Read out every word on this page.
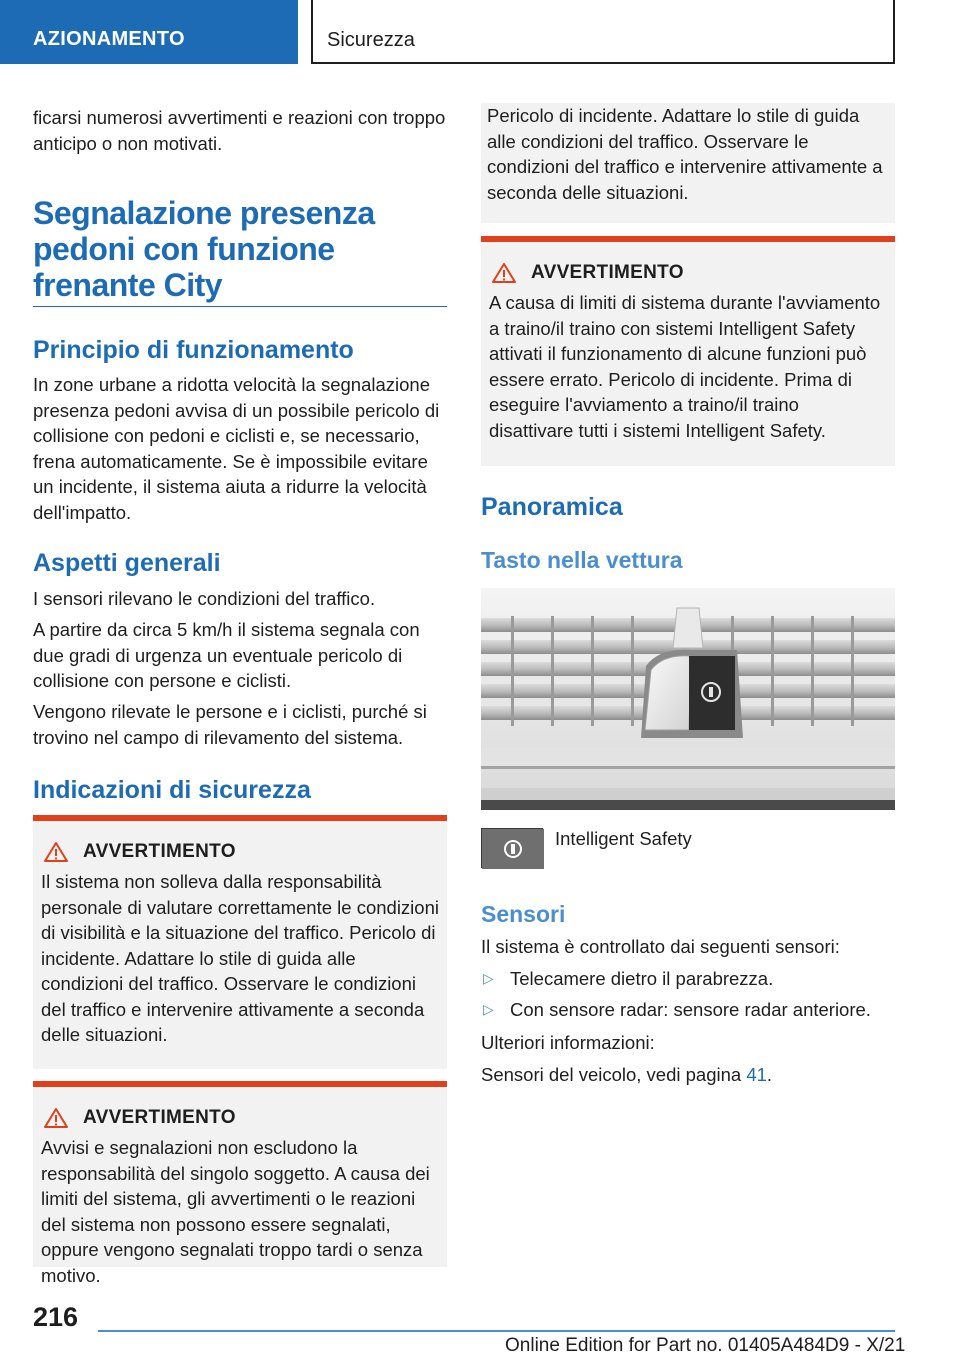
AZIONAMENTO	Sicurezza

ficarsi numerosi avvertimenti e reazioni con troppo anticipo o non motivati.

Segnalazione presenza pedoni con funzione frenante City
Principio di funzionamento

In zone urbane a ridotta velocità la segnalazione presenza pedoni avvisa di un possibile pericolo di collisione con pedoni e ciclisti e, se necessario, frena automaticamente. Se è impossibile evitare un incidente, il sistema aiuta a ridurre la velocità dell'impatto.

Aspetti generali

I sensori rilevano le condizioni del traffico.

A partire da circa 5 km/h il sistema segnala con due gradi di urgenza un eventuale pericolo di collisione con persone e ciclisti.

Vengono rilevate le persone e i ciclisti, purché si trovino nel campo di rilevamento del sistema.

Indicazioni di sicurezza
AVVERTIMENTO

Il sistema non solleva dalla responsabilità personale di valutare correttamente le condizioni di visibilità e la situazione del traffico. Pericolo di incidente. Adattare lo stile di guida alle condizioni del traffico. Osservare le condizioni del traffico e intervenire attivamente a seconda delle situazioni.

AVVERTIMENTO

Avvisi e segnalazioni non escludono la responsabilità del singolo soggetto. A causa dei limiti del sistema, gli avvertimenti o le reazioni del sistema non possono essere segnalati, oppure vengono segnalati troppo tardi o senza motivo.

Pericolo di incidente. Adattare lo stile di guida alle condizioni del traffico. Osservare le condizioni del traffico e intervenire attivamente a seconda delle situazioni.

AVVERTIMENTO

A causa di limiti di sistema durante l'avviamento a traino/il traino con sistemi Intelligent Safety attivati il funzionamento di alcune funzioni può essere errato. Pericolo di incidente. Prima di eseguire l'avviamento a traino/il traino disattivare tutti i sistemi Intelligent Safety.

Panoramica
Tasto nella vettura

Intelligent Safety

Sensori

Il sistema è controllato dai seguenti sensori:

▷ Telecamere dietro il parabrezza.
▷ Con sensore radar: sensore radar anteriore.

Ulteriori informazioni:

Sensori del veicolo, vedi pagina 41.

216
Online Edition for Part no. 01405A484D9 - X/21
